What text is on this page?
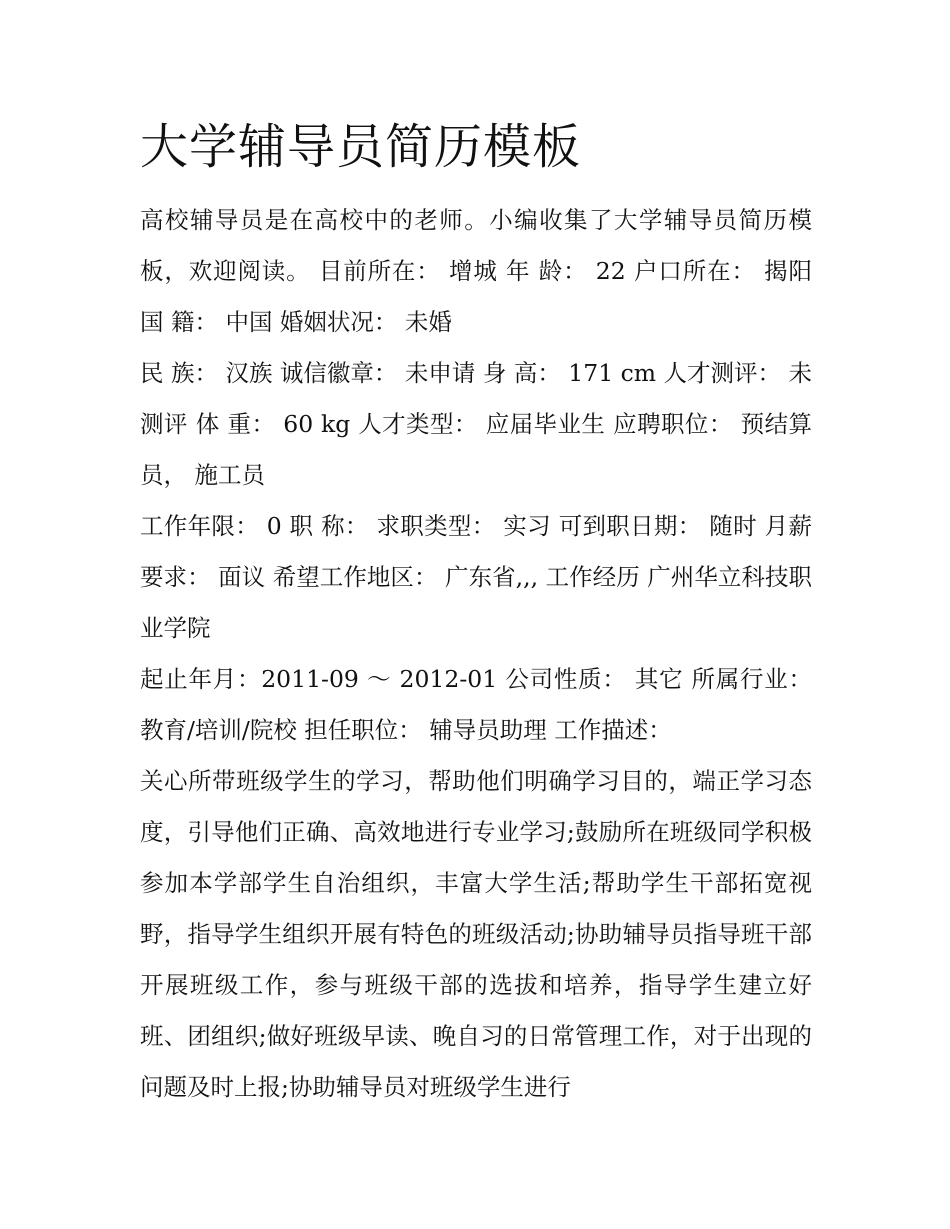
大学辅导员简历模板

高校辅导员是在高校中的老师。小编收集了大学辅导员简历模板，欢迎阅读。 目前所在： 增城 年 龄： 22 户口所在： 揭阳 国 籍： 中国 婚姻状况： 未婚

民 族： 汉族 诚信徽章： 未申请 身 高： 171 cm 人才测评： 未测评 体 重： 60 kg 人才类型： 应届毕业生 应聘职位： 预结算员， 施工员

工作年限： 0 职 称： 求职类型： 实习 可到职日期： 随时 月薪要求： 面议 希望工作地区： 广东省,,, 工作经历 广州华立科技职业学院

起止年月：2011-09 ～ 2012-01 公司性质： 其它 所属行业：教育/培训/院校 担任职位： 辅导员助理 工作描述：

关心所带班级学生的学习，帮助他们明确学习目的，端正学习态度，引导他们正确、高效地进行专业学习;鼓励所在班级同学积极参加本学部学生自治组织，丰富大学生活;帮助学生干部拓宽视野，指导学生组织开展有特色的班级活动;协助辅导员指导班干部开展班级工作，参与班级干部的选拔和培养，指导学生建立好班、团组织;做好班级早读、晚自习的日常管理工作，对于出现的问题及时上报;协助辅导员对班级学生进行
